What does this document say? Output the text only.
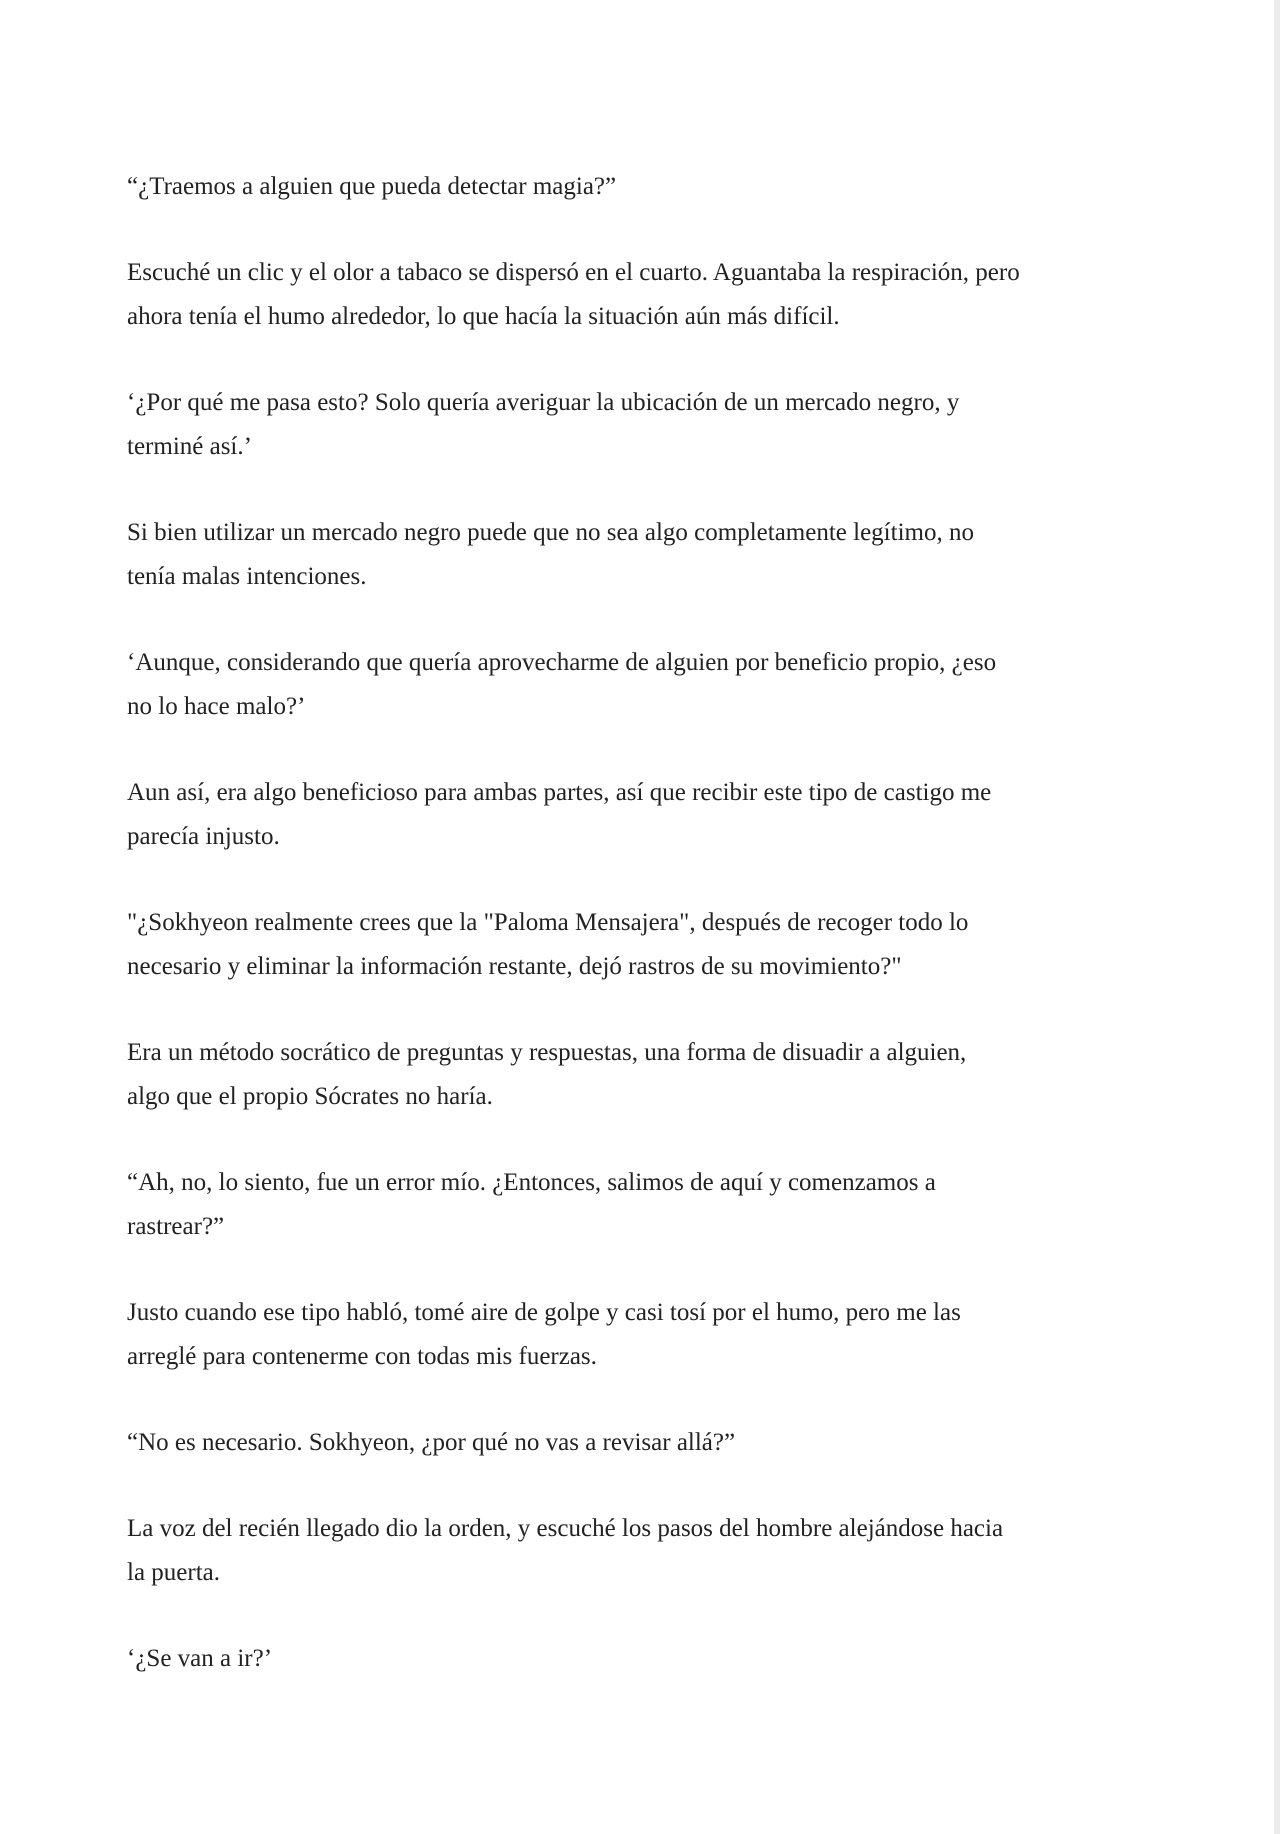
“¿Traemos a alguien que pueda detectar magia?”

Escuché un clic y el olor a tabaco se dispersó en el cuarto. Aguantaba la respiración, pero
ahora tenía el humo alrededor, lo que hacía la situación aún más difícil.

‘¿Por qué me pasa esto? Solo quería averiguar la ubicación de un mercado negro, y
terminé así.’

Si bien utilizar un mercado negro puede que no sea algo completamente legítimo, no
tenía malas intenciones.

‘Aunque, considerando que quería aprovecharme de alguien por beneficio propio, ¿eso
no lo hace malo?’

Aun así, era algo beneficioso para ambas partes, así que recibir este tipo de castigo me
parecía injusto.

"¿Sokhyeon realmente crees que la "Paloma Mensajera", después de recoger todo lo
necesario y eliminar la información restante, dejó rastros de su movimiento?"

Era un método socrático de preguntas y respuestas, una forma de disuadir a alguien,
algo que el propio Sócrates no haría.

“Ah, no, lo siento, fue un error mío. ¿Entonces, salimos de aquí y comenzamos a
rastrear?”

Justo cuando ese tipo habló, tomé aire de golpe y casi tosí por el humo, pero me las
arreglé para contenerme con todas mis fuerzas.

“No es necesario. Sokhyeon, ¿por qué no vas a revisar allá?”

La voz del recién llegado dio la orden, y escuché los pasos del hombre alejándose hacia
la puerta.

‘¿Se van a ir?’
